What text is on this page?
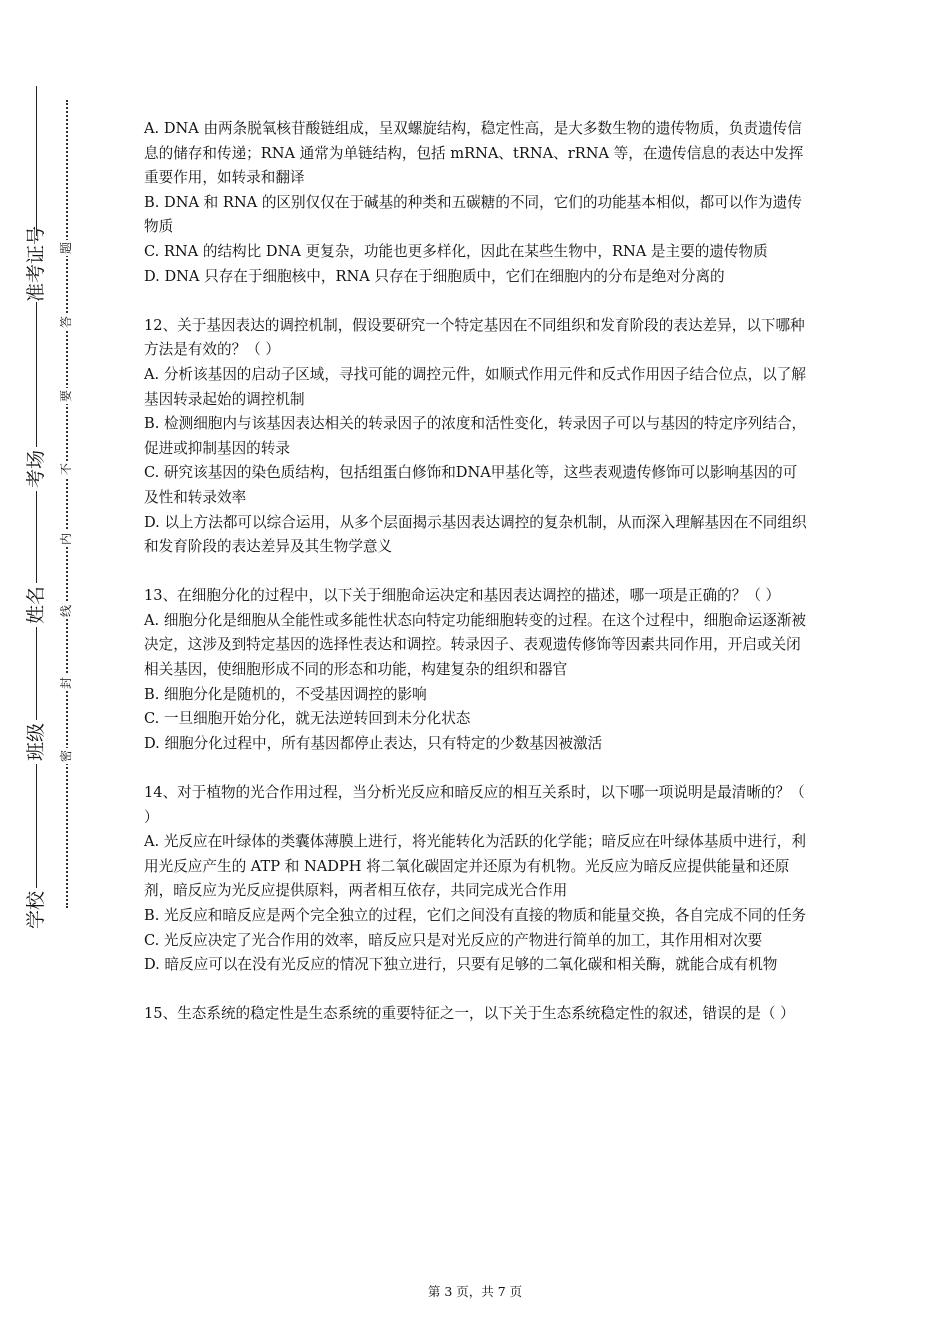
准考证号
考场
姓名
班级
学校
题
答
要
不
内
线
封
密

A. DNA 由两条脱氧核苷酸链组成，呈双螺旋结构，稳定性高，是大多数生物的遗传物质，负责遗传信息的储存和传递；RNA 通常为单链结构，包括 mRNA、tRNA、rRNA 等，在遗传信息的表达中发挥重要作用，如转录和翻译

B. DNA 和 RNA 的区别仅仅在于碱基的种类和五碳糖的不同，它们的功能基本相似，都可以作为遗传物质

C. RNA 的结构比 DNA 更复杂，功能也更多样化，因此在某些生物中，RNA 是主要的遗传物质

D. DNA 只存在于细胞核中，RNA 只存在于细胞质中，它们在细胞内的分布是绝对分离的

12、关于基因表达的调控机制，假设要研究一个特定基因在不同组织和发育阶段的表达差异，以下哪种方法是有效的？（ ）

A. 分析该基因的启动子区域，寻找可能的调控元件，如顺式作用元件和反式作用因子结合位点，以了解基因转录起始的调控机制

B. 检测细胞内与该基因表达相关的转录因子的浓度和活性变化，转录因子可以与基因的特定序列结合，促进或抑制基因的转录

C. 研究该基因的染色质结构，包括组蛋白修饰和DNA甲基化等，这些表观遗传修饰可以影响基因的可及性和转录效率

D. 以上方法都可以综合运用，从多个层面揭示基因表达调控的复杂机制，从而深入理解基因在不同组织和发育阶段的表达差异及其生物学意义

13、在细胞分化的过程中，以下关于细胞命运决定和基因表达调控的描述，哪一项是正确的？（ ）

A. 细胞分化是细胞从全能性或多能性状态向特定功能细胞转变的过程。在这个过程中，细胞命运逐渐被决定，这涉及到特定基因的选择性表达和调控。转录因子、表观遗传修饰等因素共同作用，开启或关闭相关基因，使细胞形成不同的形态和功能，构建复杂的组织和器官

B. 细胞分化是随机的，不受基因调控的影响

C. 一旦细胞开始分化，就无法逆转回到未分化状态

D. 细胞分化过程中，所有基因都停止表达，只有特定的少数基因被激活

14、对于植物的光合作用过程，当分析光反应和暗反应的相互关系时，以下哪一项说明是最清晰的？（ ）

A. 光反应在叶绿体的类囊体薄膜上进行，将光能转化为活跃的化学能；暗反应在叶绿体基质中进行，利用光反应产生的 ATP 和 NADPH 将二氧化碳固定并还原为有机物。光反应为暗反应提供能量和还原剂，暗反应为光反应提供原料，两者相互依存，共同完成光合作用

B. 光反应和暗反应是两个完全独立的过程，它们之间没有直接的物质和能量交换，各自完成不同的任务

C. 光反应决定了光合作用的效率，暗反应只是对光反应的产物进行简单的加工，其作用相对次要

D. 暗反应可以在没有光反应的情况下独立进行，只要有足够的二氧化碳和相关酶，就能合成有机物

15、生态系统的稳定性是生态系统的重要特征之一，以下关于生态系统稳定性的叙述，错误的是（ ）

第 3 页，共 7 页
